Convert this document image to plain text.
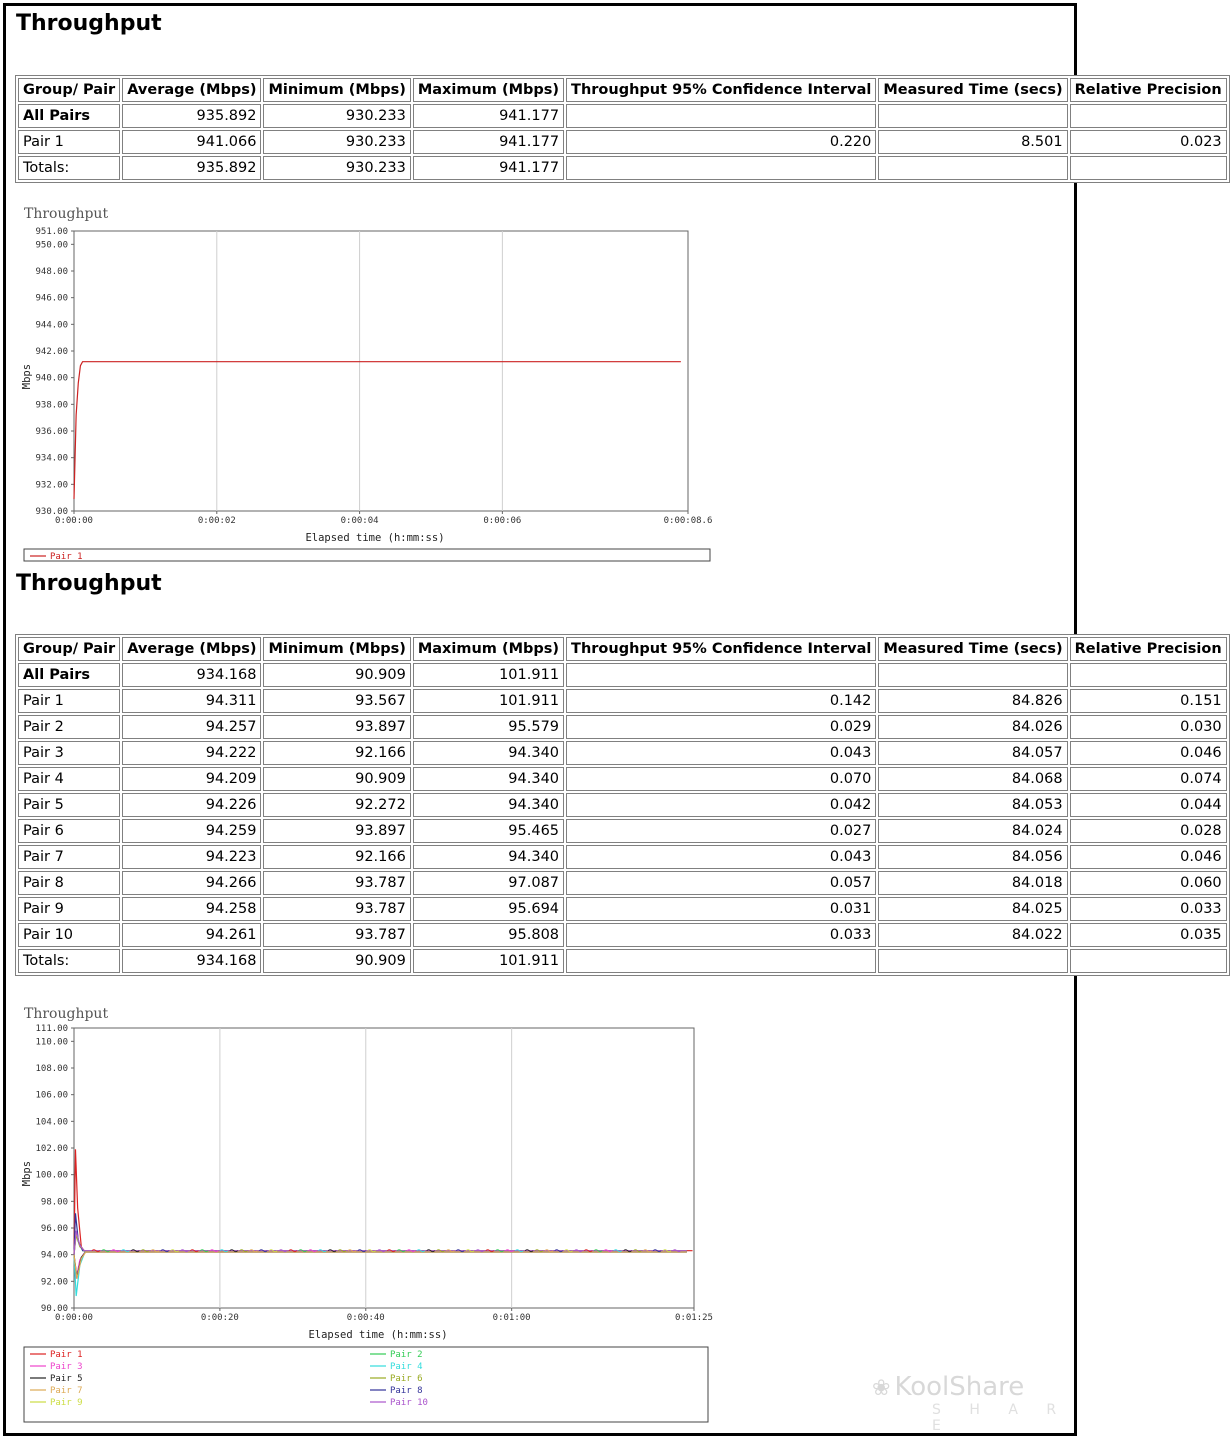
Throughput
Group/ Pair	Average (Mbps)	Minimum (Mbps)	Maximum (Mbps)	Throughput 95% Confidence Interval	Measured Time (secs)	Relative Precision
All Pairs	935.892	930.233	941.177			
Pair 1	941.066	930.233	941.177	0.220	8.501	0.023
Totals:	935.892	930.233	941.177			
Throughput
0:00:00	0:00:02	0:00:04	0:00:06	0:00:08.6
930.00
932.00
934.00
936.00
938.00
940.00
942.00
944.00
946.00
948.00
950.00
951.00
Mbps
Elapsed time (h:mm:ss)
Pair 1
Throughput
Group/ Pair	Average (Mbps)	Minimum (Mbps)	Maximum (Mbps)	Throughput 95% Confidence Interval	Measured Time (secs)	Relative Precision
All Pairs	934.168	90.909	101.911			
Pair 1	94.311	93.567	101.911	0.142	84.826	0.151
Pair 2	94.257	93.897	95.579	0.029	84.026	0.030
Pair 3	94.222	92.166	94.340	0.043	84.057	0.046
Pair 4	94.209	90.909	94.340	0.070	84.068	0.074
Pair 5	94.226	92.272	94.340	0.042	84.053	0.044
Pair 6	94.259	93.897	95.465	0.027	84.024	0.028
Pair 7	94.223	92.166	94.340	0.043	84.056	0.046
Pair 8	94.266	93.787	97.087	0.057	84.018	0.060
Pair 9	94.258	93.787	95.694	0.031	84.025	0.033
Pair 10	94.261	93.787	95.808	0.033	84.022	0.035
Totals:	934.168	90.909	101.911			
Throughput
0:00:00	0:00:20	0:00:40	0:01:00	0:01:25
90.00
92.00
94.00
96.00
98.00
100.00
102.00
104.00
106.00
108.00
110.00
111.00
Mbps
Elapsed time (h:mm:ss)
Pair 1	Pair 2
Pair 3	Pair 4
Pair 5	Pair 6
Pair 7	Pair 8
Pair 9	Pair 10
❀ KoolShare
S H A R E
